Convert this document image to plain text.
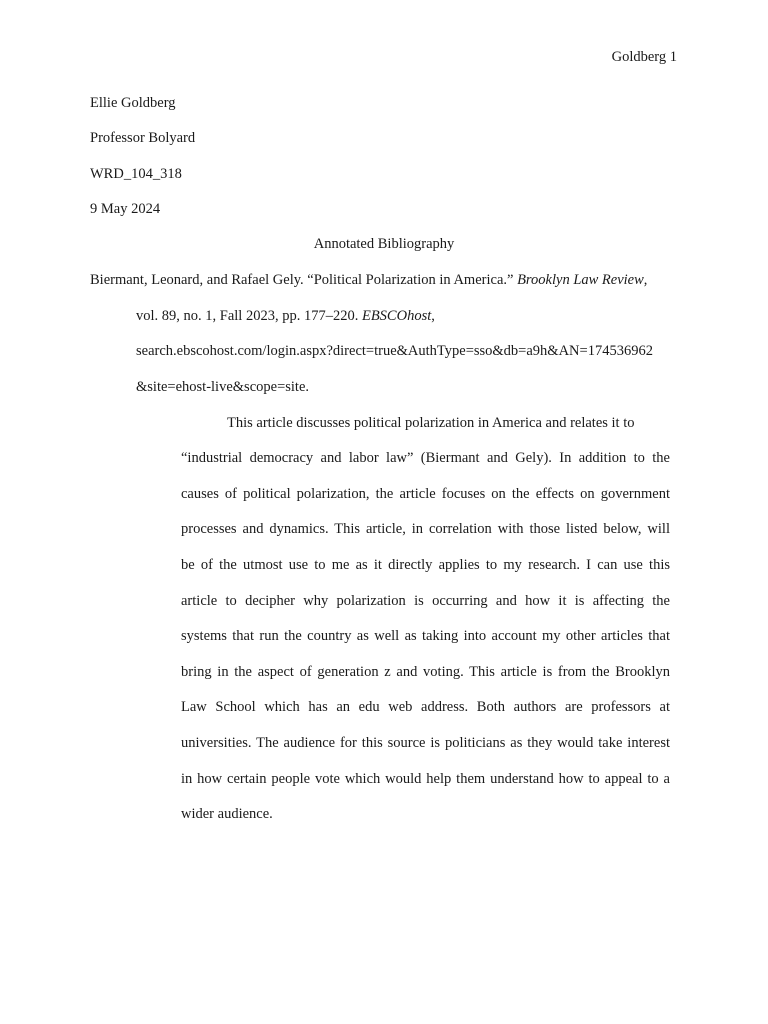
Goldberg 1
Ellie Goldberg
Professor Bolyard
WRD_104_318
9 May 2024
Annotated Bibliography
Biermant, Leonard, and Rafael Gely. “Political Polarization in America.” Brooklyn Law Review,
vol. 89, no. 1, Fall 2023, pp. 177–220. EBSCOhost,
search.ebscohost.com/login.aspx?direct=true&AuthType=sso&db=a9h&AN=174536962
&site=ehost-live&scope=site.
This article discusses political polarization in America and relates it to
“industrial democracy and labor law” (Biermant and Gely). In addition to the
causes of political polarization, the article focuses on the effects on government
processes and dynamics. This article, in correlation with those listed below, will
be of the utmost use to me as it directly applies to my research. I can use this
article to decipher why polarization is occurring and how it is affecting the
systems that run the country as well as taking into account my other articles that
bring in the aspect of generation z and voting. This article is from the Brooklyn
Law School which has an edu web address. Both authors are professors at
universities. The audience for this source is politicians as they would take interest
in how certain people vote which would help them understand how to appeal to a
wider audience.
